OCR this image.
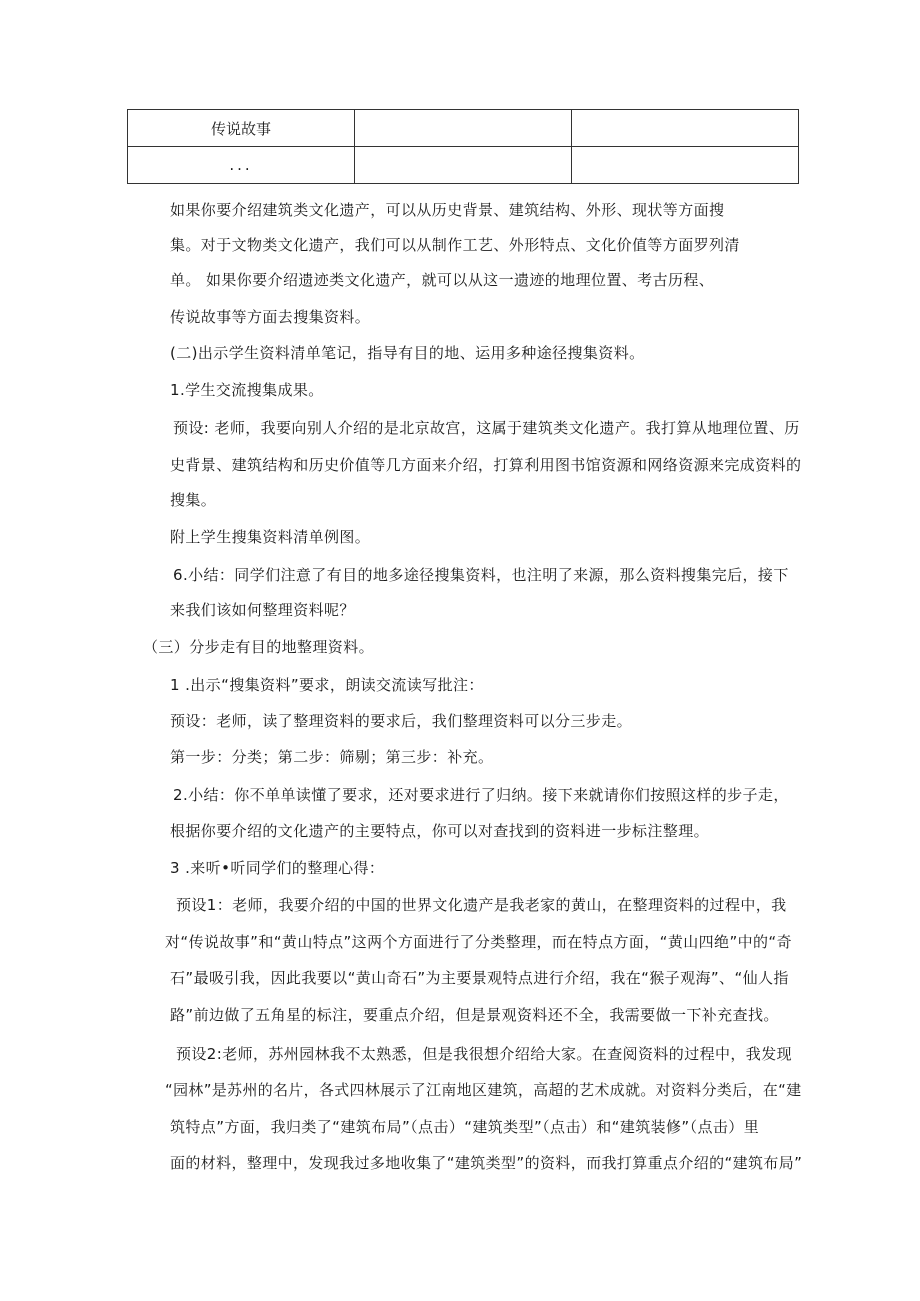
传说故事		
...		
如果你要介绍建筑类文化遗产，可以从历史背景、建筑结构、外形、现状等方面搜
集。对于文物类文化遗产，我们可以从制作工艺、外形特点、文化价值等方面罗列清
单。 如果你要介绍遗迹类文化遗产，就可以从这一遗迹的地理位置、考古历程、
传说故事等方面去搜集资料。
(二)出示学生资料清单笔记，指导有目的地、运用多种途径搜集资料。
1.学生交流搜集成果。
预设: 老师，我要向别人介绍的是北京故宫，这属于建筑类文化遗产。我打算从地理位置、历
史背景、建筑结构和历史价值等几方面来介绍，打算利用图书馆资源和网络资源来完成资料的
搜集。
附上学生搜集资料清单例图。
6.小结：同学们注意了有目的地多途径搜集资料，也注明了来源，那么资料搜集完后，接下
来我们该如何整理资料呢？
（三）分步走有目的地整理资料。
1 .出示“搜集资料”要求，朗读交流读写批注：
预设：老师，读了整理资料的要求后，我们整理资料可以分三步走。
第一步：分类；第二步：筛剔；第三步：补充。
2.小结：你不单单读懂了要求，还对要求进行了归纳。接下来就请你们按照这样的步子走，
根据你要介绍的文化遗产的主要特点，你可以对查找到的资料进一步标注整理。
3 .来听•听同学们的整理心得：
预设1：老师，我要介绍的中国的世界文化遗产是我老家的黄山，在整理资料的过程中，我
对“传说故事”和“黄山特点”这两个方面进行了分类整理，而在特点方面，“黄山四绝”中的“奇
石”最吸引我，因此我要以“黄山奇石”为主要景观特点进行介绍，我在“猴子观海”、“仙人指
路”前边做了五角星的标注，要重点介绍，但是景观资料还不全，我需要做一下补充查找。
预设2:老师，苏州园林我不太熟悉，但是我很想介绍给大家。在查阅资料的过程中，我发现
“园林”是苏州的名片，各式四林展示了江南地区建筑，高超的艺术成就。对资料分类后，在“建
筑特点”方面，我归类了“建筑布局”（点击）“建筑类型”（点击）和“建筑装修”（点击）里
面的材料，整理中，发现我过多地收集了“建筑类型”的资料，而我打算重点介绍的“建筑布局”
